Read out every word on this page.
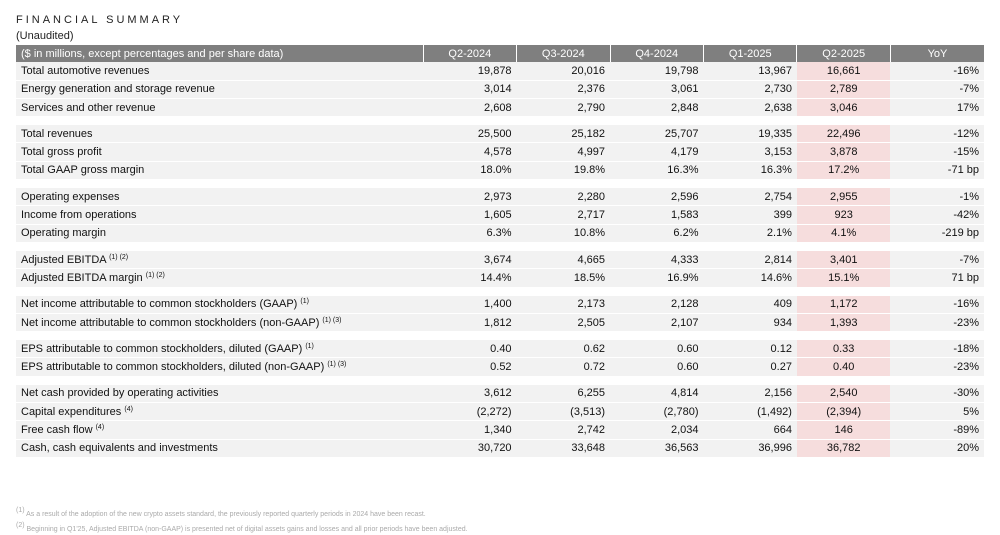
FINANCIAL SUMMARY
(Unaudited)
($ in millions, except percentages and per share data)	Q2-2024	Q3-2024	Q4-2024	Q1-2025	Q2-2025	YoY
Total automotive revenues	19,878	20,016	19,798	13,967	16,661	-16%
Energy generation and storage revenue	3,014	2,376	3,061	2,730	2,789	-7%
Services and other revenue	2,608	2,790	2,848	2,638	3,046	17%

Total revenues	25,500	25,182	25,707	19,335	22,496	-12%
Total gross profit	4,578	4,997	4,179	3,153	3,878	-15%
Total GAAP gross margin	18.0%	19.8%	16.3%	16.3%	17.2%	-71 bp

Operating expenses	2,973	2,280	2,596	2,754	2,955	-1%
Income from operations	1,605	2,717	1,583	399	923	-42%
Operating margin	6.3%	10.8%	6.2%	2.1%	4.1%	-219 bp

Adjusted EBITDA $^{(1) (2)}$	3,674	4,665	4,333	2,814	3,401	-7%
Adjusted EBITDA margin $^{(1) (2)}$	14.4%	18.5%	16.9%	14.6%	15.1%	71 bp

Net income attributable to common stockholders (GAAP) $^{(1)}$	1,400	2,173	2,128	409	1,172	-16%
Net income attributable to common stockholders (non-GAAP) $^{(1) (3)}$	1,812	2,505	2,107	934	1,393	-23%

EPS attributable to common stockholders, diluted (GAAP) $^{(1)}$	0.40	0.62	0.60	0.12	0.33	-18%
EPS attributable to common stockholders, diluted (non-GAAP) $^{(1) (3)}$	0.52	0.72	0.60	0.27	0.40	-23%

Net cash provided by operating activities	3,612	6,255	4,814	2,156	2,540	-30%
Capital expenditures $^{(4)}$	(2,272)	(3,513)	(2,780)	(1,492)	(2,394)	5%
Free cash flow $^{(4)}$	1,340	2,742	2,034	664	146	-89%
Cash, cash equivalents and investments	30,720	33,648	36,563	36,996	36,782	20%
$^{(1)}$ As a result of the adoption of the new crypto assets standard, the previously reported quarterly periods in 2024 have been recast.
$^{(2)}$ Beginning in Q1'25, Adjusted EBITDA (non-GAAP) is presented net of digital assets gains and losses and all prior periods have been adjusted.
